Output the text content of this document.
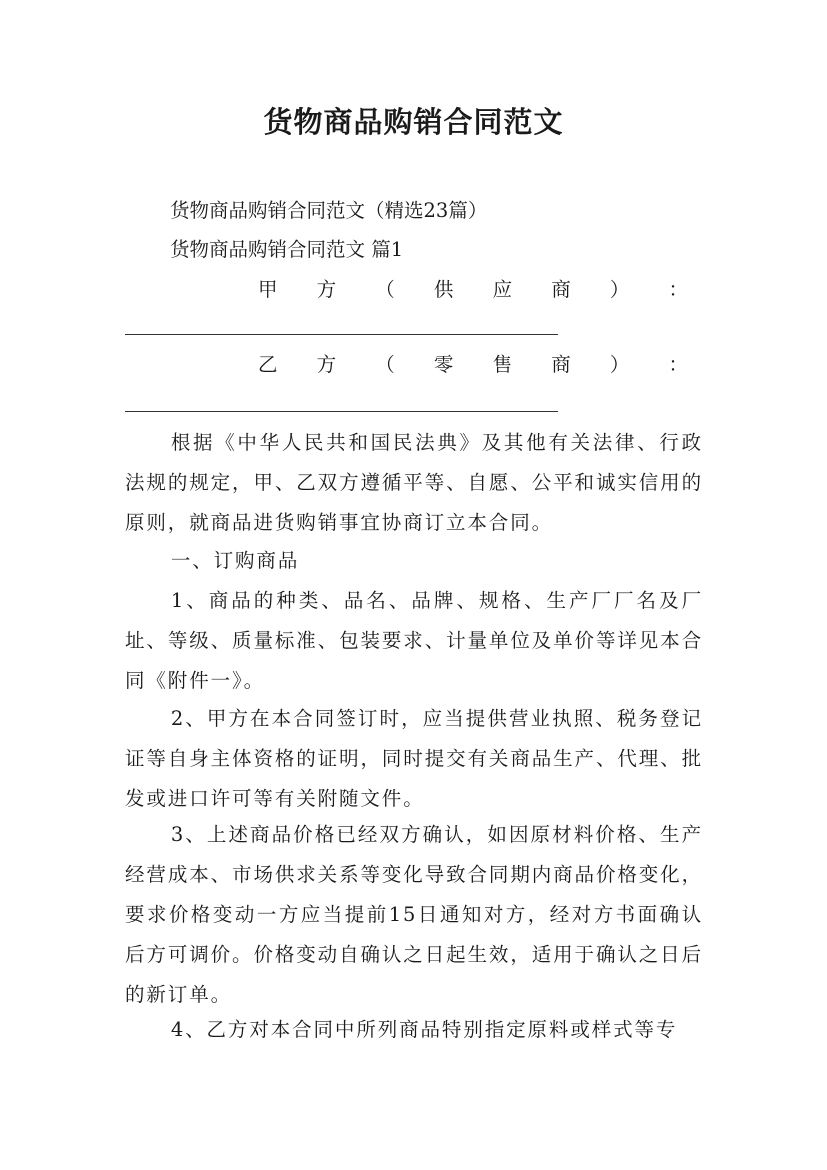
货物商品购销合同范文
货物商品购销合同范文（精选23篇）
货物商品购销合同范文 篇1
甲 方 （ 供 应 商 ） ：
乙 方 （ 零 售 商 ） ：
根据《中华人民共和国民法典》及其他有关法律、行政法规的规定，甲、乙双方遵循平等、自愿、公平和诚实信用的原则，就商品进货购销事宜协商订立本合同。
一、订购商品
1、商品的种类、品名、品牌、规格、生产厂厂名及厂址、等级、质量标准、包装要求、计量单位及单价等详见本合同《附件一》。
2、甲方在本合同签订时，应当提供营业执照、税务登记证等自身主体资格的证明，同时提交有关商品生产、代理、批发或进口许可等有关附随文件。
3、上述商品价格已经双方确认，如因原材料价格、生产经营成本、市场供求关系等变化导致合同期内商品价格变化，要求价格变动一方应当提前15日通知对方，经对方书面确认后方可调价。价格变动自确认之日起生效，适用于确认之日后的新订单。
4、乙方对本合同中所列商品特别指定原料或样式等专
